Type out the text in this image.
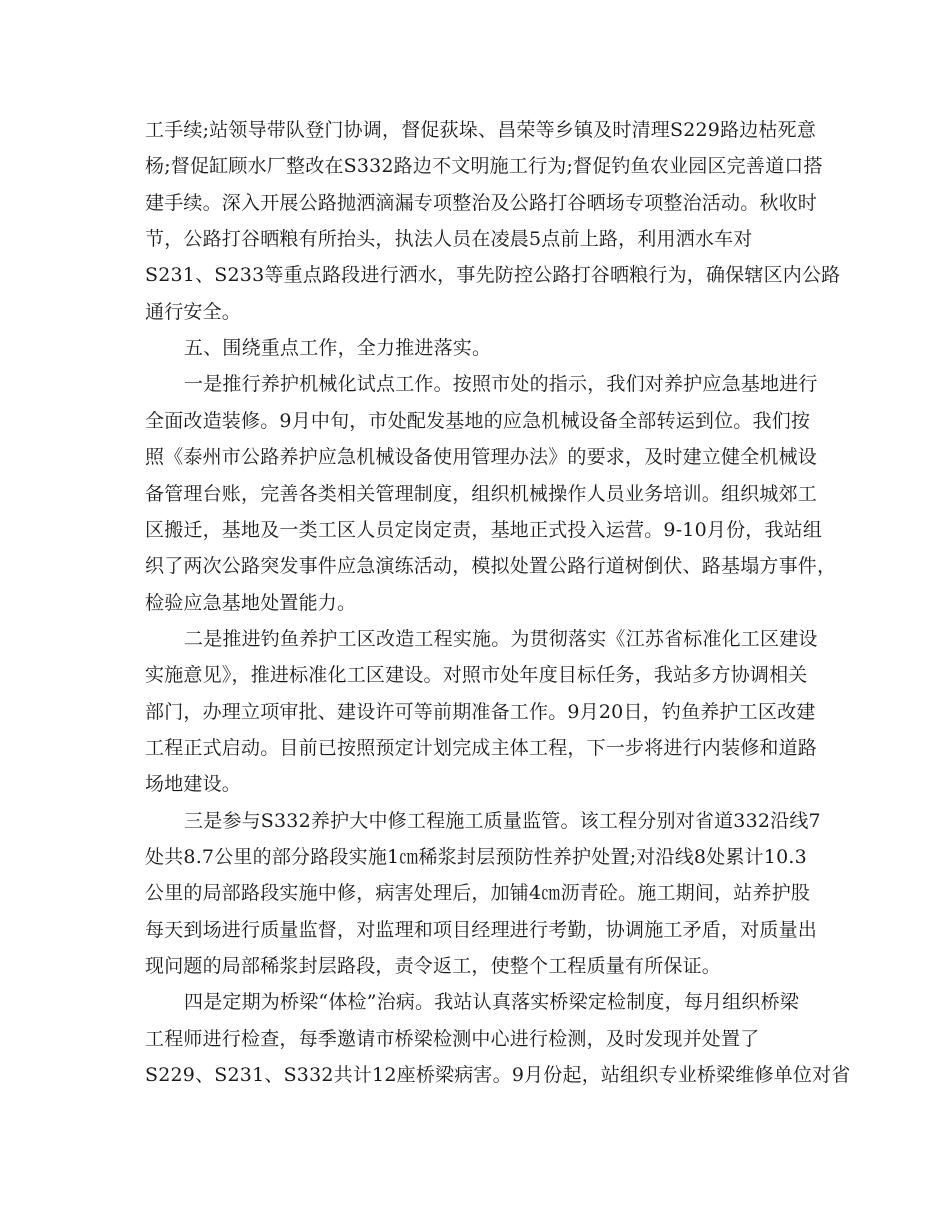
工手续;站领导带队登门协调，督促荻垛、昌荣等乡镇及时清理S229路边枯死意
杨;督促缸顾水厂整改在S332路边不文明施工行为;督促钓鱼农业园区完善道口搭
建手续。深入开展公路抛洒滴漏专项整治及公路打谷晒场专项整治活动。秋收时
节，公路打谷晒粮有所抬头，执法人员在凌晨5点前上路，利用洒水车对
S231、S233等重点路段进行洒水，事先防控公路打谷晒粮行为，确保辖区内公路
通行安全。
五、围绕重点工作，全力推进落实。
一是推行养护机械化试点工作。按照市处的指示，我们对养护应急基地进行
全面改造装修。9月中旬，市处配发基地的应急机械设备全部转运到位。我们按
照《泰州市公路养护应急机械设备使用管理办法》的要求，及时建立健全机械设
备管理台账，完善各类相关管理制度，组织机械操作人员业务培训。组织城郊工
区搬迁，基地及一类工区人员定岗定责，基地正式投入运营。9-10月份，我站组
织了两次公路突发事件应急演练活动，模拟处置公路行道树倒伏、路基塌方事件，
检验应急基地处置能力。
二是推进钓鱼养护工区改造工程实施。为贯彻落实《江苏省标准化工区建设
实施意见》，推进标准化工区建设。对照市处年度目标任务，我站多方协调相关
部门，办理立项审批、建设许可等前期准备工作。9月20日，钓鱼养护工区改建
工程正式启动。目前已按照预定计划完成主体工程，下一步将进行内装修和道路
场地建设。
三是参与S332养护大中修工程施工质量监管。该工程分别对省道332沿线7
处共8.7公里的部分路段实施1㎝稀浆封层预防性养护处置;对沿线8处累计10.3
公里的局部路段实施中修，病害处理后，加铺4㎝沥青砼。施工期间，站养护股
每天到场进行质量监督，对监理和项目经理进行考勤，协调施工矛盾，对质量出
现问题的局部稀浆封层路段，责令返工，使整个工程质量有所保证。
四是定期为桥梁“体检”治病。我站认真落实桥梁定检制度，每月组织桥梁
工程师进行检查，每季邀请市桥梁检测中心进行检测，及时发现并处置了
S229、S231、S332共计12座桥梁病害。9月份起，站组织专业桥梁维修单位对省
